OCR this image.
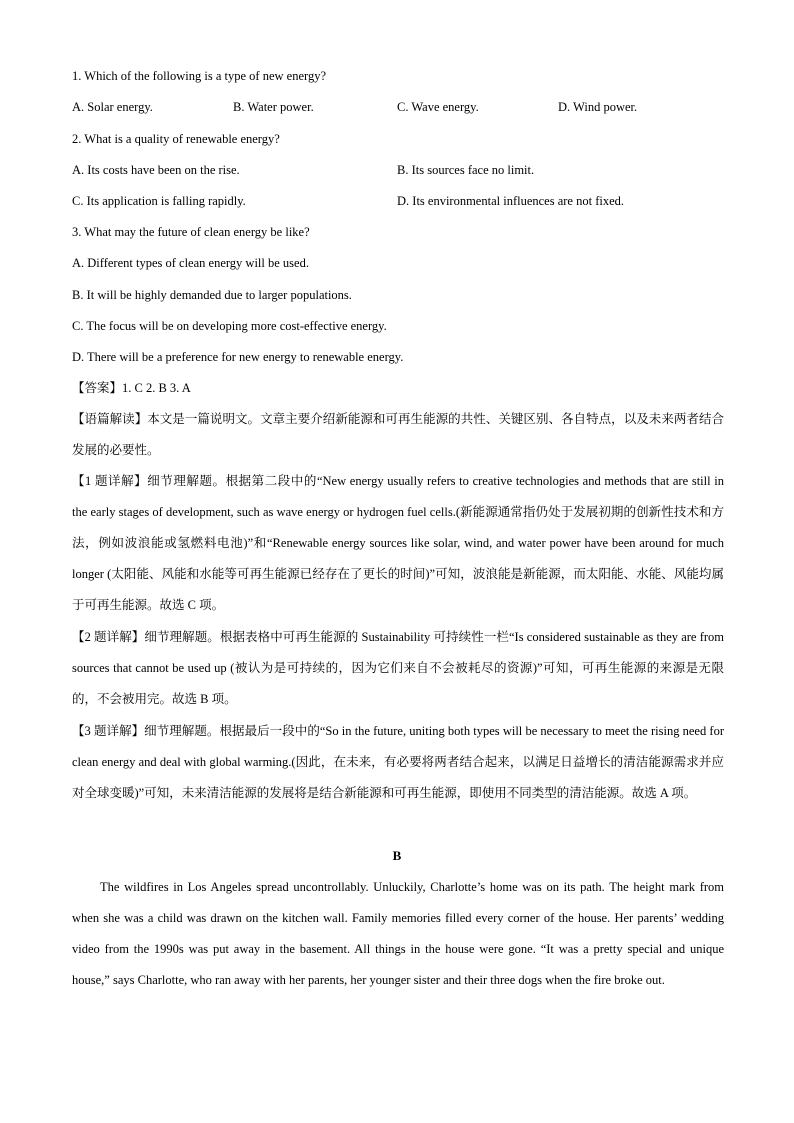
1. Which of the following is a type of new energy?
A. Solar energy.	B. Water power.	C. Wave energy.	D. Wind power.
2. What is a quality of renewable energy?
A. Its costs have been on the rise.	B. Its sources face no limit.
C. Its application is falling rapidly.	D. Its environmental influences are not fixed.
3. What may the future of clean energy be like?
A. Different types of clean energy will be used.
B. It will be highly demanded due to larger populations.
C. The focus will be on developing more cost-effective energy.
D. There will be a preference for new energy to renewable energy.
【答案】1. C 2. B 3. A
【语篇解读】本文是一篇说明文。文章主要介绍新能源和可再生能源的共性、关键区别、各自特点，以及未来两者结合发展的必要性。
【1 题详解】细节理解题。根据第二段中的“New energy usually refers to creative technologies and methods that are still in the early stages of development, such as wave energy or hydrogen fuel cells.(新能源通常指仍处于发展初期的创新性技术和方法，例如波浪能或氢燃料电池)”和“Renewable energy sources like solar, wind, and water power have been around for much longer (太阳能、风能和水能等可再生能源已经存在了更长的时间)”可知，波浪能是新能源，而太阳能、水能、风能均属于可再生能源。故选 C 项。
【2 题详解】细节理解题。根据表格中可再生能源的 Sustainability 可持续性一栏“Is considered sustainable as they are from sources that cannot be used up (被认为是可持续的，因为它们来自不会被耗尽的资源)”可知，可再生能源的来源是无限的，不会被用完。故选 B 项。
【3 题详解】细节理解题。根据最后一段中的“So in the future, uniting both types will be necessary to meet the rising need for clean energy and deal with global warming.(因此，在未来，有必要将两者结合起来，以满足日益增长的清洁能源需求并应对全球变暖)”可知，未来清洁能源的发展将是结合新能源和可再生能源，即使用不同类型的清洁能源。故选 A 项。
B
The wildfires in Los Angeles spread uncontrollably. Unluckily, Charlotte’s home was on its path. The height mark from when she was a child was drawn on the kitchen wall. Family memories filled every corner of the house. Her parents’ wedding video from the 1990s was put away in the basement. All things in the house were gone. “It was a pretty special and unique house,” says Charlotte, who ran away with her parents, her younger sister and their three dogs when the fire broke out.
